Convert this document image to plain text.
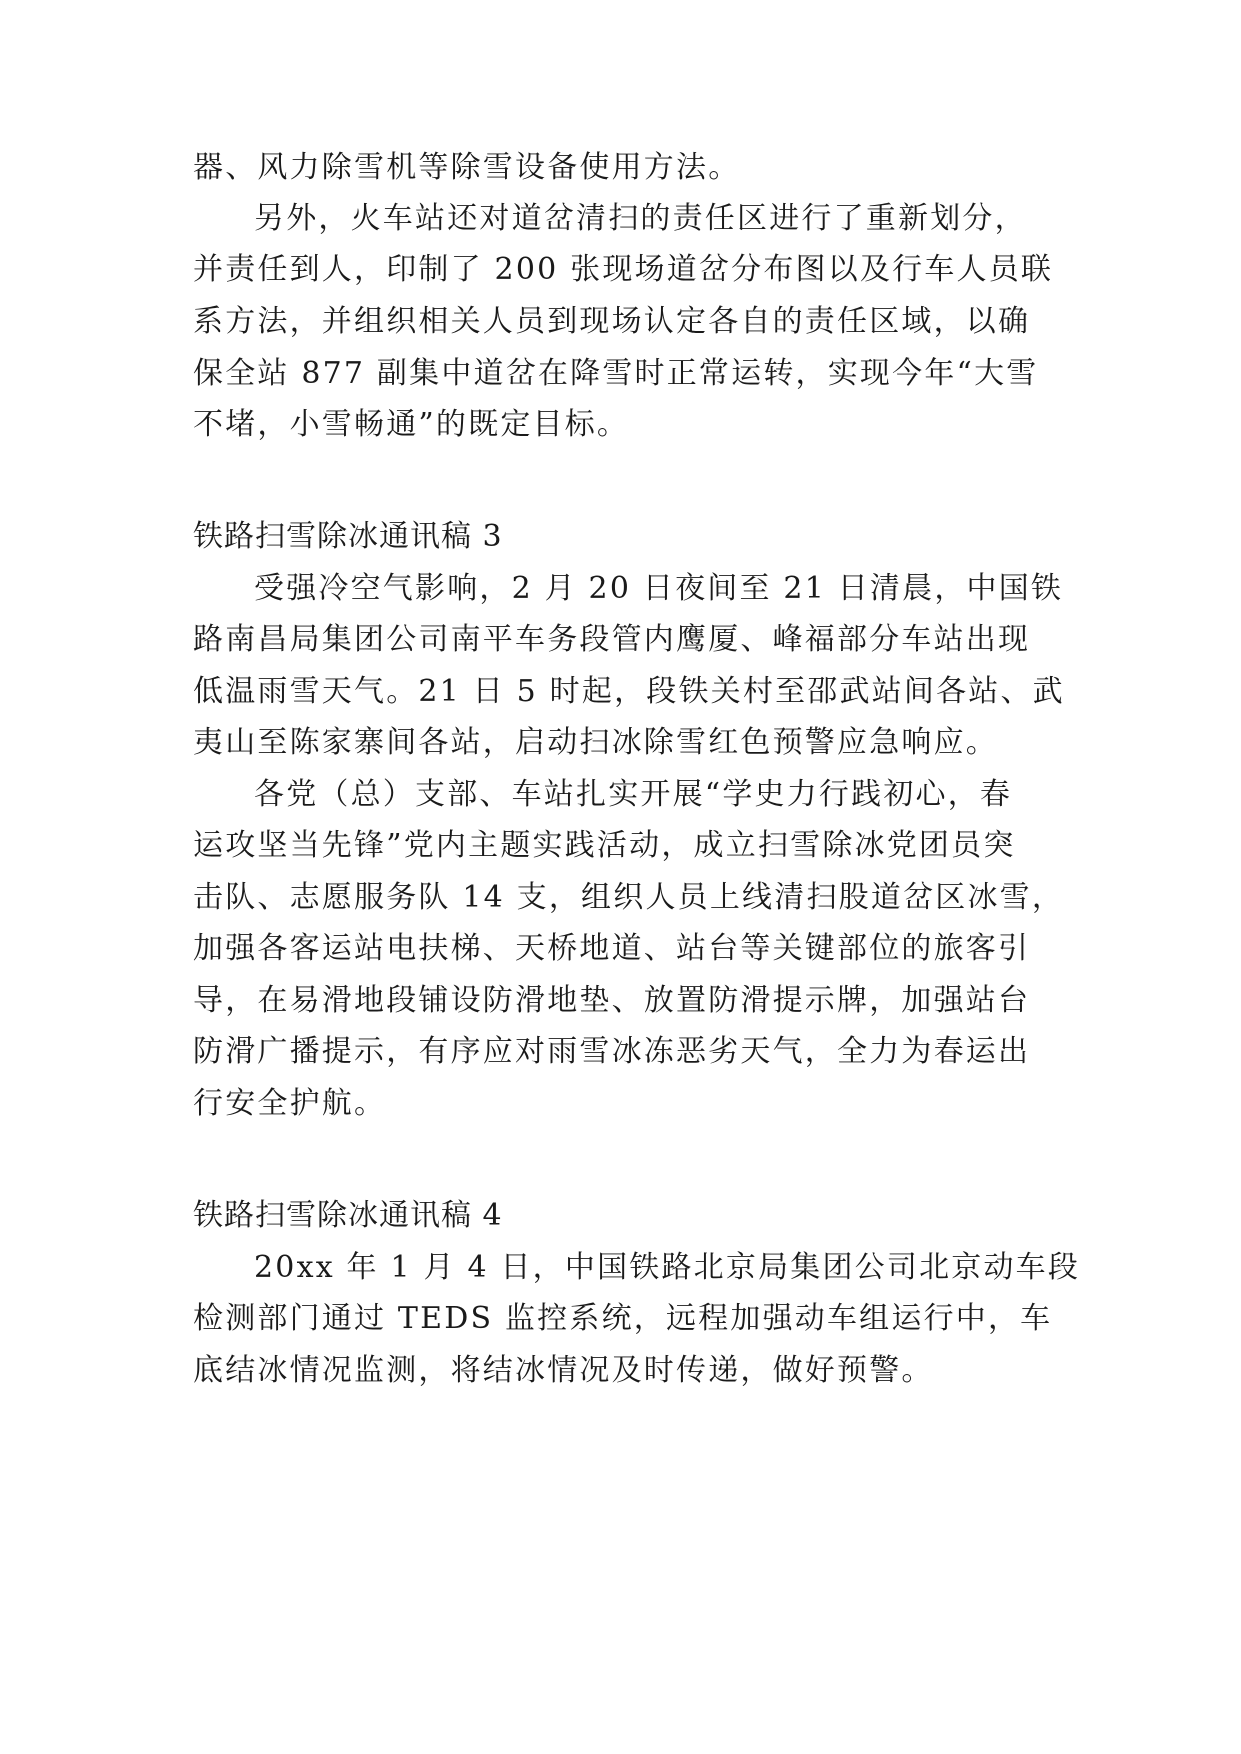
器、风力除雪机等除雪设备使用方法。
另外，火车站还对道岔清扫的责任区进行了重新划分，
并责任到人，印制了 200 张现场道岔分布图以及行车人员联
系方法，并组织相关人员到现场认定各自的责任区域，以确
保全站 877 副集中道岔在降雪时正常运转，实现今年“大雪
不堵，小雪畅通”的既定目标。
铁路扫雪除冰通讯稿 3
受强冷空气影响，2 月 20 日夜间至 21 日清晨，中国铁
路南昌局集团公司南平车务段管内鹰厦、峰福部分车站出现
低温雨雪天气。21 日 5 时起，段铁关村至邵武站间各站、武
夷山至陈家寨间各站，启动扫冰除雪红色预警应急响应。
各党（总）支部、车站扎实开展“学史力行践初心，春
运攻坚当先锋”党内主题实践活动，成立扫雪除冰党团员突
击队、志愿服务队 14 支，组织人员上线清扫股道岔区冰雪，
加强各客运站电扶梯、天桥地道、站台等关键部位的旅客引
导，在易滑地段铺设防滑地垫、放置防滑提示牌，加强站台
防滑广播提示，有序应对雨雪冰冻恶劣天气，全力为春运出
行安全护航。
铁路扫雪除冰通讯稿 4
20xx 年 1 月 4 日，中国铁路北京局集团公司北京动车段
检测部门通过 TEDS 监控系统，远程加强动车组运行中，车
底结冰情况监测，将结冰情况及时传递，做好预警。
